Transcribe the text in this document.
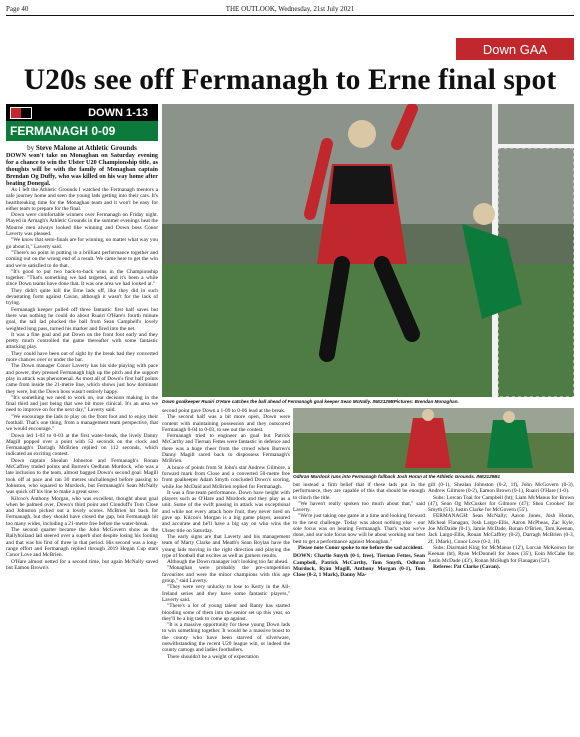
Page 40	THE OUTLOOK, Wednesday, 21st July 2021
Down GAA
U20s see off Fermanagh to Erne final spot
DOWN 1-13
FERMANAGH 0-09
by Steve Malone at Athletic Grounds

DOWN won't take on Monaghan on Saturday evening for a chance to win the Ulster U20 Championship title, as thoughts will be with the family of Monaghan captain Brendan Og Duffy, who was killed on his way home after beating Donegal.

As I left the Athletic Grounds I watched the Fermanagh mentors a safe journey home and seen the young lads getting into their cars. It's heartbreaking time for the Monaghan team and it won't be easy for either team to prepare for the final.

Down were comfortable winners over Fermanagh on Friday night. Played in Armagh's Athletic Grounds in the summer evenings heat the Mourne men always looked like winning and Down boss Conor Laverty was pleased.

"We know that semi-finals are for winning, no matter what way you go about it," Laverty said.

"There's no point in putting in a brilliant performance together and coming out on the wrong end of a result. We came here to get the win and we're satisfied to do that.

"It's good to put two back-to-back wins in the Championship together. "That's something we had targeted, and it's been a while since Down teams have done that. It was one area we had looked at."

They didn't quite kill the Erne lads off, like they did in such devastating form against Cavan, although it wasn't for the lack of trying.

Fermanagh keeper pulled off three fantastic first half saves but there was nothing he could do about Ruairi O'Hare's fourth minute goal, the tall lad plucked the ball from Sean Campbell's lovely weighted long pass, turned his marker and fired into the net.

It was a fine goal and put Down on the front foot early and they pretty much controlled the game thereafter with some fantastic attacking play.

They could have been out of sight by the break had they converted more chances over or under the bar.

The Down manager Conor Laverty has his side playing with pace and power, they pressed Fermanagh high up the pitch and the support play in attack was phenomenal. As most all of Down's first half points came from inside the 21-metre line, which shows just how dominant they were, but the Down boss wasn't entirely happy.

"It's something we need to work on, our decision making in the final third and just being that wee bit more clinical. It's an area we need to improve on for the next day," Laverty said.

"We encourage the lads to play on the front foot and to enjoy their football. That's one thing, from a management team perspective, that we would encourage."

Down led 1-03 to 0-03 at the first water-break, the lively Danny Magill popped over a point with 52 seconds on the clock and Fermanagh's Darragh McBrien replied on 112 seconds, which indicated an exciting contest.

Down captain Shealan Johnston and Fermanagh's Ronan McCaffrey traded points and Burren's Oedhran Murdock, who was a late inclusion to the team, almost bagged Down's second goal. Magill took off at pace and ran 30 metres unchallenged before passing to Johnston, who squared to Murdock, but Fermanagh's Sean McNally was quick off his line to make a great save.

Kilcoo's Anthony Morgan, who was excellent, thought about goal when he palmed over, Down's third point and Clonduff's Tom Close and Johnston picked out a lovely scores. McBrien hit back for Fermanagh, but they should have closed the gap, but Fermanagh hit too many wides, including a 21-metre free before the water-break.

The second quarter became the John McGovern show as the Ballyholland lad steered over a superb shot despite losing his footing and that was his first of three in that period. His second was a long-range effort and Fermanagh replied through 2019 Hogan Cup stars Conor Love and McBrien.

O'Hare almost netted for a second time, but again McNally saved but Eamon Brown's

Down goalkeeper Ruairi O'Hare catches the ball ahead of Fermanagh goal keeper Sean McNally. INE2129BPictures: Brendan Monaghan.

second point gave Down a 1-09 to 0-06 lead at the break.

The second half was a bit more open, Down were content with maintaining possession and they outscored Fermanagh 0-04 to 0-03, to see out the contest.

Fermanagh tried to engineer an goal but Patrick McCarthy and Tiernan Fettes were fantastic in defence and there was a huge cheer from the crowd when Burren's Danny Magill raced back to dispossess Fermanagh's McBrien.

A brace of points from St John's star Andrew Gilmore, a forward mark from Close and a converted 50-metre free from goalkeeper Adam Smyth concluded Down's scoring, while Joe McDaid and McBrien replied for Fermanagh.

It was a fine team performance. Down have height with players such as O'Hare and Murdock and they play as a unit. Some of the swift passing in attack was exceptional and while not every attack bore fruit, they never tired on gave up. Kilcoo's Morgan is a big game player, assured and accurate and he'll have a big say on who wins the Ulster title on Saturday.

The early signs are that Laverty and his management team of Marty Clarke and Meath's Sean Boylan have the young lads moving in the right direction and playing the type of football that excites as well as garners results.

Although the Down manager isn't looking too far ahead.

"Monaghan were probably the pre-competition favourites and were the minor champions with this age group," said Laverty.

"They were very unlucky to lose to Kerry in the All-Ireland series and they have some fantastic players," Laverty said.

"There's a lot of young talent and Banty has started blooding some of them into the senior set up this year, so they'll be a big task to come up against.

"It is a massive opportunity for these young Down lads to win something together. It would be a massive boost to the county who have been starved of silverware, notwithstanding the recent U20 league win, or indeed the county camogs and ladies footballers.

There shouldn't be a weight of expectation

Odhran Murdock runs into Fermanagh fullback Josh Horan at the Athletic Grounds. INE2129B1

but instead a firm belief that if these lads put in the performance, they are capable of this that should be enough to clinch the title.

"We haven't really spoken too much about that," said Laverty.

"We're just taking one game at a time and looking forward to the next challenge. Today was about nothing else - our sole focus was on beating Fermanagh. That's what we've done, and our sole focus now will be about working our best best to get a performance against Monaghan."

Please note Conor spoke to me before the sad accident.

DOWN: Charlie Smyth (0-1, free), Tiernan Fettes, Sean Campbell, Patrick McCarthy, Tom Smyth, Odhran Murdock, Ryan Magill, Anthony Morgan (0-1), Tom Close (0-2, 1 Mark), Danny Ma-

gill (0-1), Shealan Johnston (0-2, 1f), John McGovern (0-3), Andrew Gilmore (0-2), Eamon Brown (0-1), Ruairi O'Hare (1-0).

Subs: Lorcan Toal for Campbell (ht); Liam McManus for Brown (47), Sean Og McCusker for Gilmore (47); Shea Crookes' for Smyth (51); Justin Clarke for McGovern (55').

FERMANAGH: Sean McNally; Aaron Jones, Josh Horan, Micheal Flanagan, Josh Largo-Ellis, Aaron McPheas, Zac Kyle, Joe McDaide (0-1), Jamie McDade, Ronan O'Brien, Tom Keenan, Jack Largo-Ellis, Ronan McCaffrey (0-2), Darragh McBrien (0-3, 2f, 1Mark), Conor Love (0-2, 1f).

Subs: Diarmaid King for McManus (12'), Lorcan McKeown for Keenan (ht), Ryan McDonnell for Jones (35'), Eoin McCabe for Justin McDade (43'), Ronan McHugh for Flanagan (53').

Referee: Pat Clarke (Cavan).
